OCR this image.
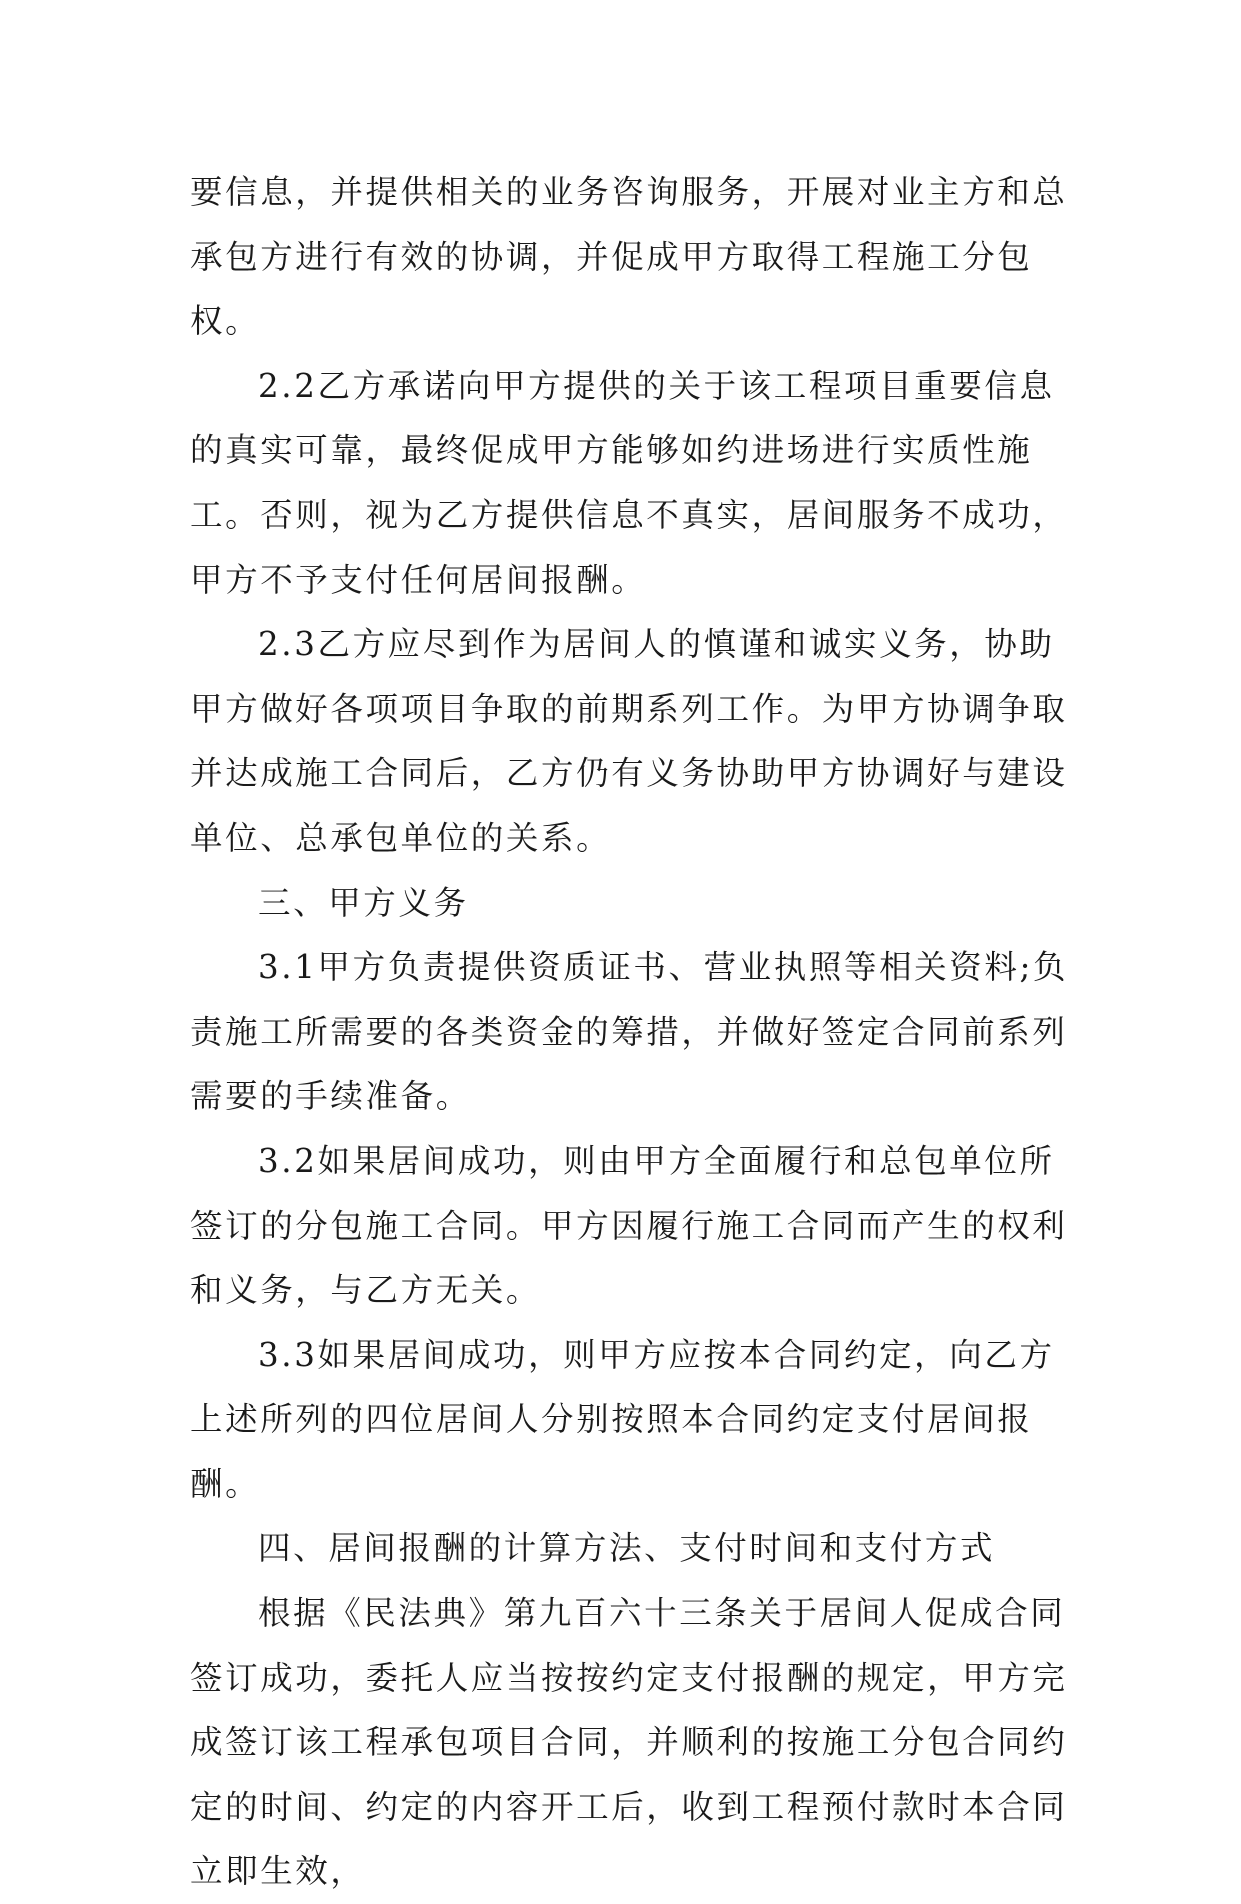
要信息，并提供相关的业务咨询服务，开展对业主方和总承包方进行有效的协调，并促成甲方取得工程施工分包权。

2.2乙方承诺向甲方提供的关于该工程项目重要信息的真实可靠，最终促成甲方能够如约进场进行实质性施工。否则，视为乙方提供信息不真实，居间服务不成功，甲方不予支付任何居间报酬。

2.3乙方应尽到作为居间人的慎谨和诚实义务，协助甲方做好各项项目争取的前期系列工作。为甲方协调争取并达成施工合同后，乙方仍有义务协助甲方协调好与建设单位、总承包单位的关系。

三、甲方义务

3.1甲方负责提供资质证书、营业执照等相关资料;负责施工所需要的各类资金的筹措，并做好签定合同前系列需要的手续准备。

3.2如果居间成功，则由甲方全面履行和总包单位所签订的分包施工合同。甲方因履行施工合同而产生的权利和义务，与乙方无关。

3.3如果居间成功，则甲方应按本合同约定，向乙方上述所列的四位居间人分别按照本合同约定支付居间报酬。

四、居间报酬的计算方法、支付时间和支付方式

根据《民法典》第九百六十三条关于居间人促成合同签订成功，委托人应当按按约定支付报酬的规定，甲方完成签订该工程承包项目合同，并顺利的按施工分包合同约定的时间、约定的内容开工后，收到工程预付款时本合同立即生效，
